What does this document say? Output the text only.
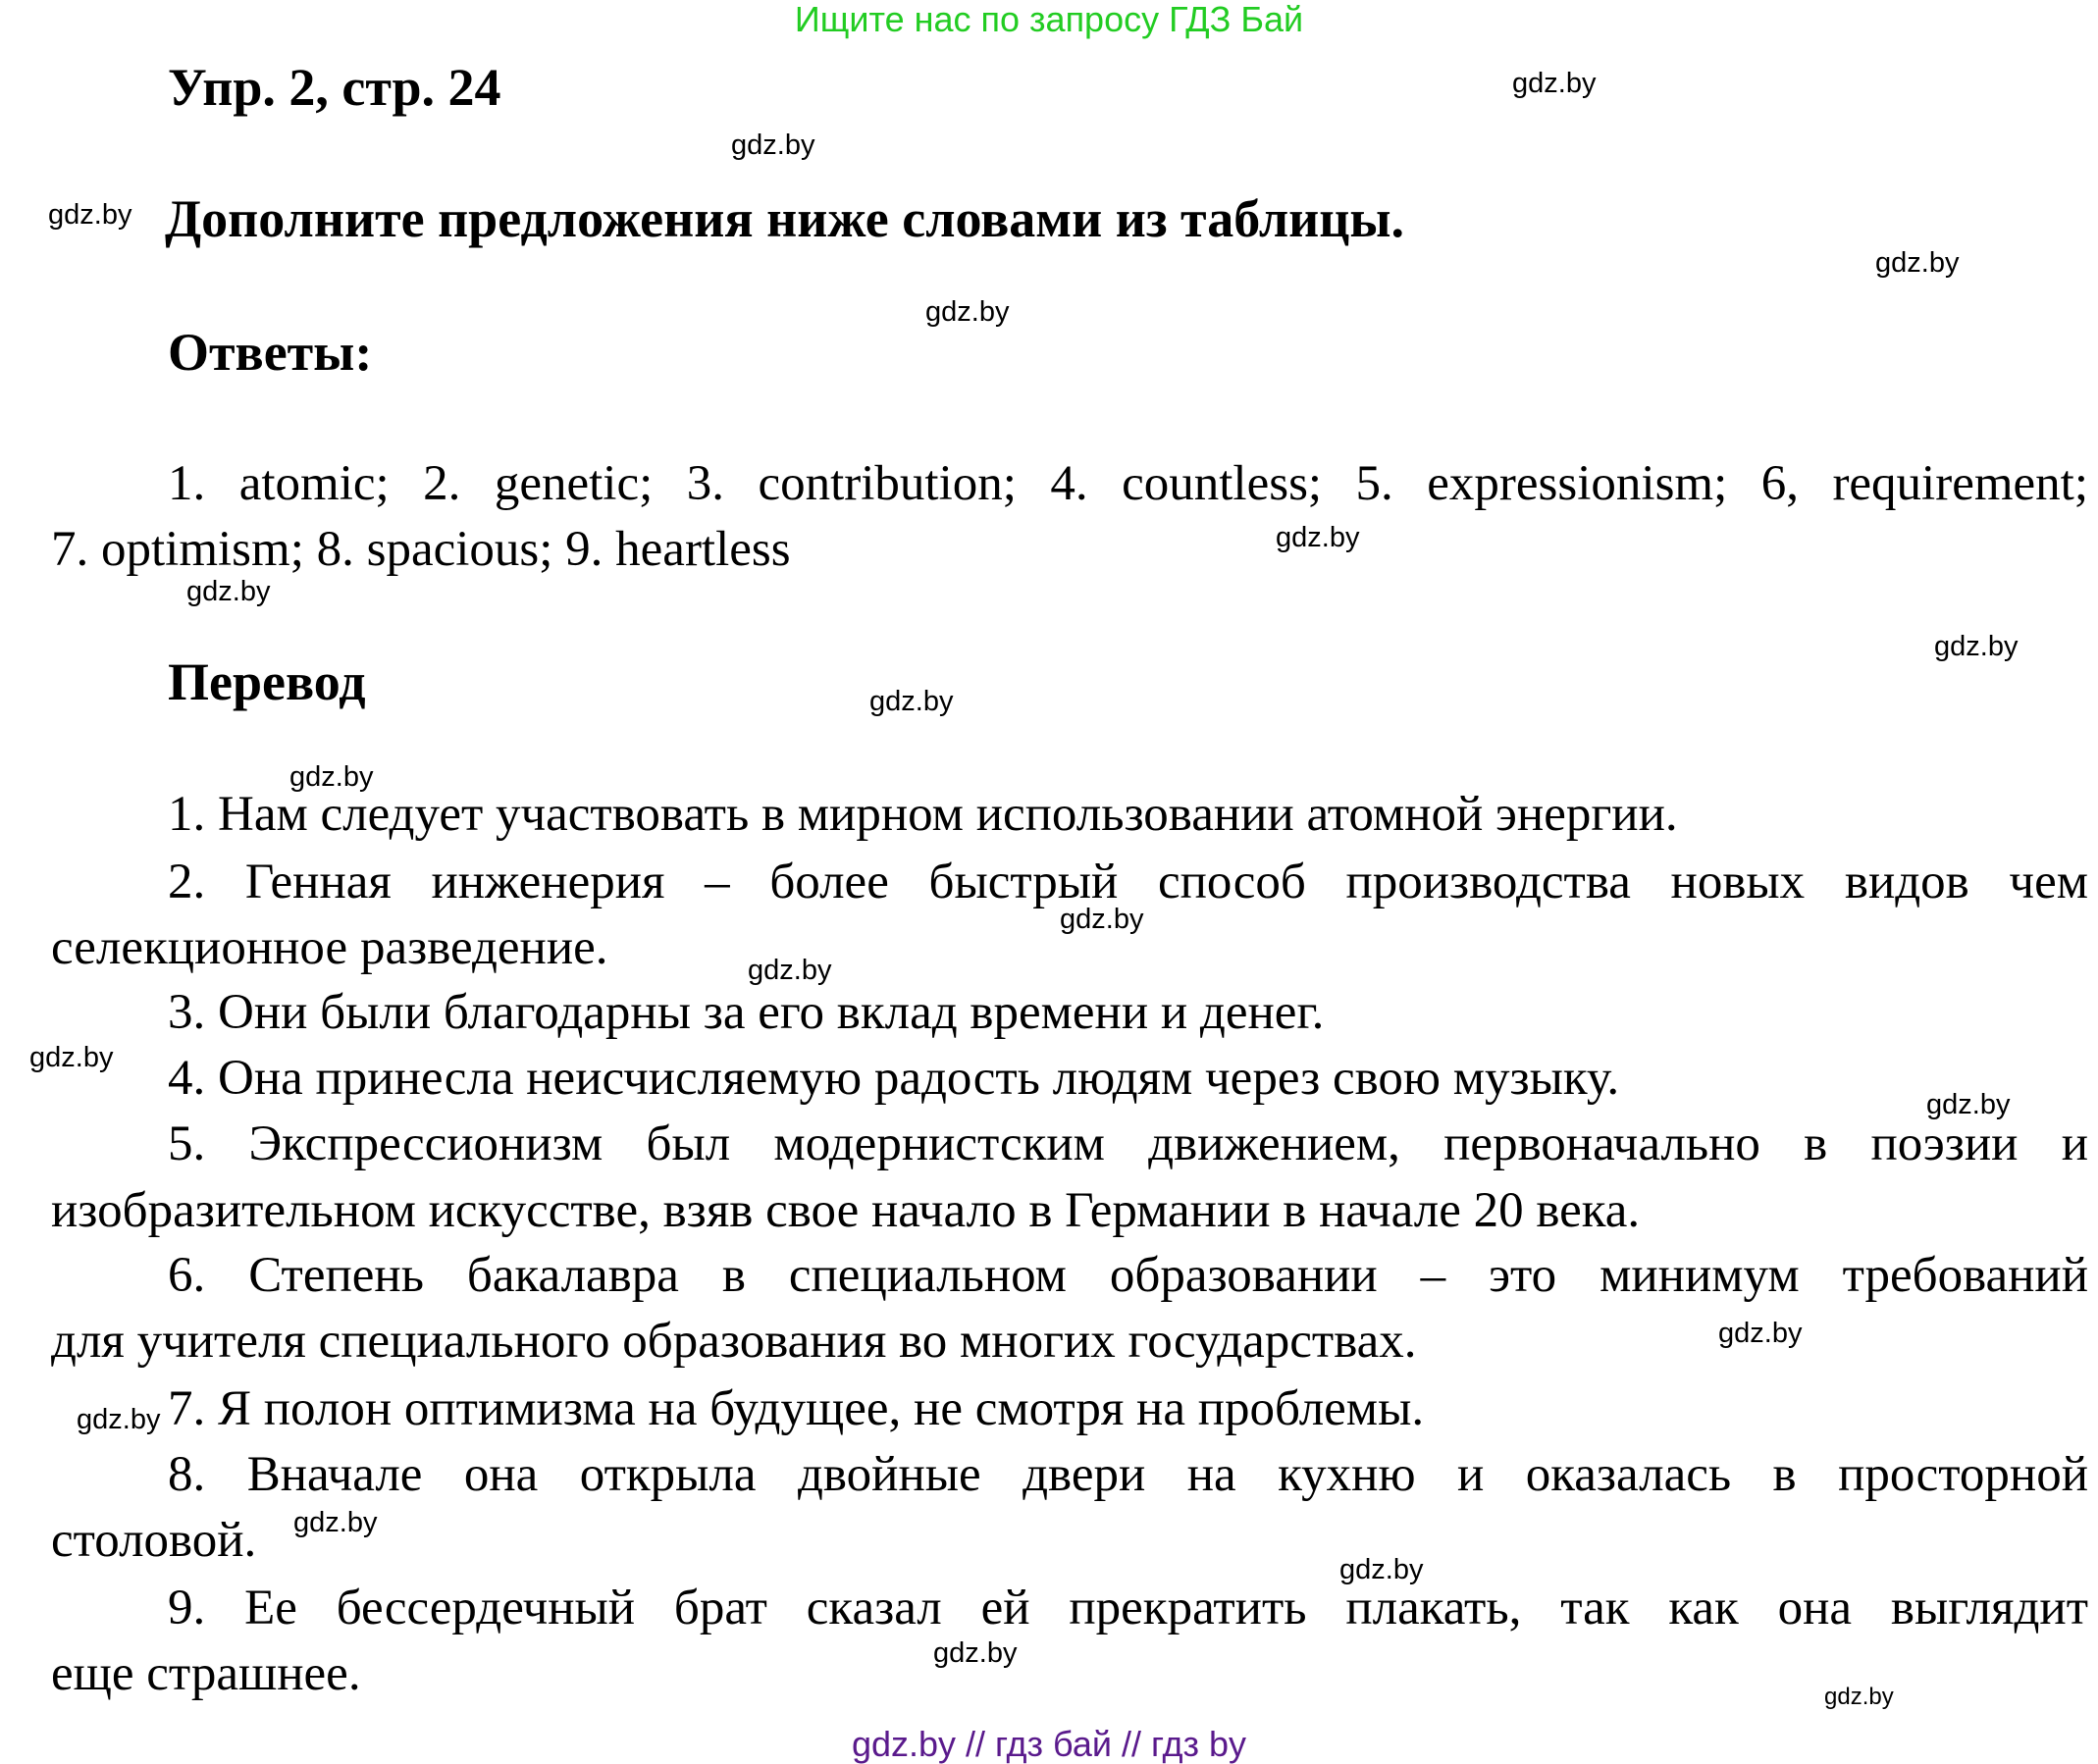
Ищите нас по запросу ГДЗ Бай
Упр. 2, стр. 24
Дополните предложения ниже словами из таблицы.
Ответы:
1. atomic; 2. genetic; 3. contribution; 4. countless; 5. expressionism; 6, requirement;
7. optimism; 8. spacious; 9. heartless
Перевод
1. Нам следует участвовать в мирном использовании атомной энергии.
2. Генная инженерия – более быстрый способ производства новых видов чем
селекционное разведение.
3. Они были благодарны за его вклад времени и денег.
4. Она принесла неисчисляемую радость людям через свою музыку.
5. Экспрессионизм был модернистским движением, первоначально в поэзии и
изобразительном искусстве, взяв свое начало в Германии в начале 20 века.
6. Степень бакалавра в специальном образовании – это минимум требований
для учителя специального образования во многих государствах.
7. Я полон оптимизма на будущее, не смотря на проблемы.
8. Вначале она открыла двойные двери на кухню и оказалась в просторной
столовой.
9. Ее бессердечный брат сказал ей прекратить плакать, так как она выглядит
еще страшнее.
gdz.by
gdz.by
gdz.by
gdz.by
gdz.by
gdz.by
gdz.by
gdz.by
gdz.by
gdz.by
gdz.by
gdz.by
gdz.by
gdz.by
gdz.by
gdz.by
gdz.by
gdz.by
gdz.by
gdz.by
gdz.by // гдз бай // гдз by
